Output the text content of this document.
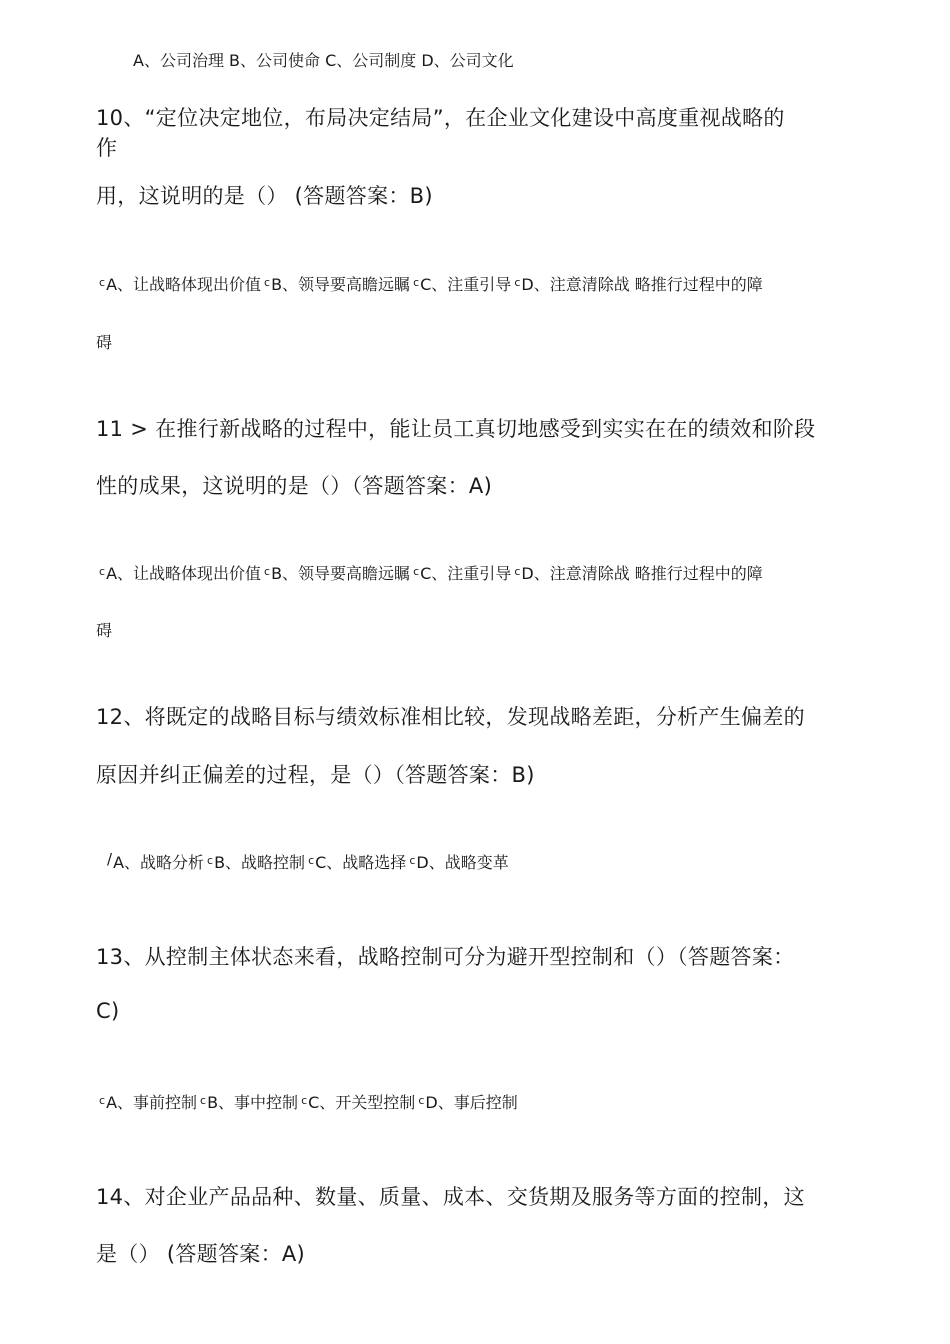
A、公司治理 B、公司使命 C、公司制度 D、公司文化
10、“定位决定地位，布局决定结局”，在企业文化建设中高度重视战略的
作
用，这说明的是（） (答题答案：B)
$^c$A、让战略体现出价值 $^c$B、领导要高瞻远瞩 $^c$C、注重引导 $^c$D、注意清除战 略推行过程中的障
碍
11 > 在推行新战略的过程中，能让员工真切地感受到实实在在的绩效和阶段
性的成果，这说明的是（）（答题答案：A)
$^c$A、让战略体现出价值 $^c$B、领导要高瞻远瞩 $^c$C、注重引导 $^c$D、注意清除战 略推行过程中的障
碍
12、将既定的战略目标与绩效标准相比较，发现战略差距，分析产生偏差的
原因并纠正偏差的过程，是（）（答题答案：B)
/A、战略分析 $^c$B、战略控制 $^c$C、战略选择 $^c$D、战略变革
13、从控制主体状态来看，战略控制可分为避开型控制和（）（答题答案：
C)
$^c$A、事前控制 $^c$B、事中控制 $^c$C、开关型控制 $^c$D、事后控制
14、对企业产品品种、数量、质量、成本、交货期及服务等方面的控制，这
是（） (答题答案：A)
